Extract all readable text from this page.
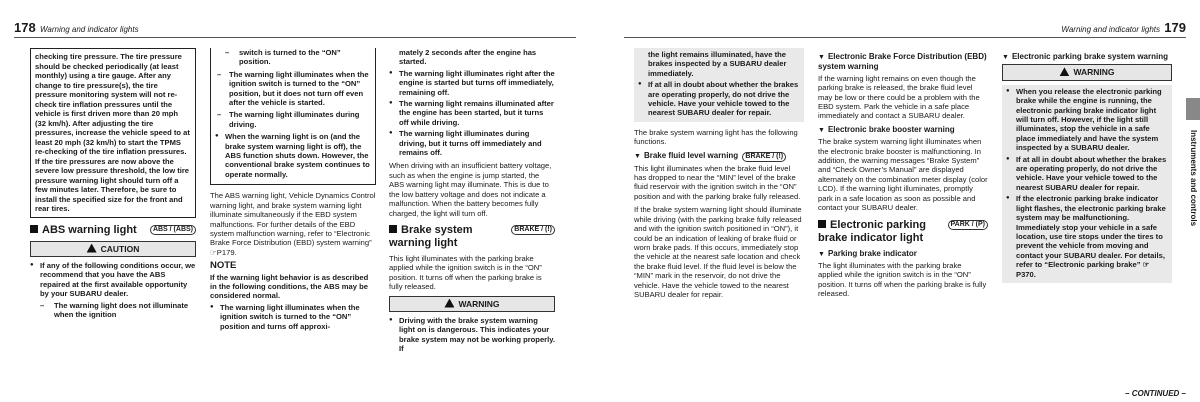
178 Warning and indicator lights
checking tire pressure. The tire pressure should be checked periodically (at least monthly) using a tire gauge. After any change to tire pressure(s), the tire pressure monitoring system will not re-check tire inflation pressures until the vehicle is first driven more than 20 mph (32 km/h). After adjusting the tire pressures, increase the vehicle speed to at least 20 mph (32 km/h) to start the TPMS re-checking of the tire inflation pressures. If the tire pressures are now above the severe low pressure threshold, the low tire pressure warning light should turn off a few minutes later. Therefore, be sure to install the specified size for the front and rear tires.
ABS warning light	ABS / (ABS)
CAUTION
● If any of the following conditions occur, we recommend that you have the ABS repaired at the first available opportunity by your SUBARU dealer.
– The warning light does not illuminate when the ignition
– switch is turned to the “ON” position.
– The warning light illuminates when the ignition switch is turned to the “ON” position, but it does not turn off even after the vehicle is started.
– The warning light illuminates during driving.
● When the warning light is on (and the brake system warning light is off), the ABS function shuts down. However, the conventional brake system continues to operate normally.

The ABS warning light, Vehicle Dynamics Control warning light, and brake system warning light illuminate simultaneously if the EBD system malfunctions. For further details of the EBD system malfunction warning, refer to “Electronic Brake Force Distribution (EBD) system warning” ☞P179.

NOTE

If the warning light behavior is as described in the following conditions, the ABS may be considered normal.

● The warning light illuminates when the ignition switch is turned to the “ON” position and turns off approxi-

mately 2 seconds after the engine has started.

● The warning light illuminates right after the engine is started but turns off immediately, remaining off.
● The warning light remains illuminated after the engine has been started, but it turns off while driving.
● The warning light illuminates during driving, but it turns off immediately and remains off.

When driving with an insufficient battery voltage, such as when the engine is jump started, the ABS warning light may illuminate. This is due to the low battery voltage and does not indicate a malfunction. When the battery becomes fully charged, the light will turn off.

Brake system warning light
BRAKE / (!)

This light illuminates with the parking brake applied while the ignition switch is in the “ON” position. It turns off when the parking brake is fully released.

WARNING
● Driving with the brake system warning light on is dangerous. This indicates your brake system may not be working properly. If
Warning and indicator lights 179

the light remains illuminated, have the brakes inspected by a SUBARU dealer immediately.

● If at all in doubt about whether the brakes are operating properly, do not drive the vehicle. Have your vehicle towed to the nearest SUBARU dealer for repair.

The brake system warning light has the following functions.

▼ Brake fluid level warning BRAKE / (!)

This light illuminates when the brake fluid level has dropped to near the “MIN” level of the brake fluid reservoir with the ignition switch in the “ON” position and with the parking brake fully released.

If the brake system warning light should illuminate while driving (with the parking brake fully released and with the ignition switch positioned in “ON”), it could be an indication of leaking of brake fluid or worn brake pads. If this occurs, immediately stop the vehicle at the nearest safe location and check the brake fluid level. If the fluid level is below the “MIN” mark in the reservoir, do not drive the vehicle. Have the vehicle towed to the nearest SUBARU dealer for repair.

▼ Electronic Brake Force Distribution (EBD) system warning

If the warning light remains on even though the parking brake is released, the brake fluid level may be low or there could be a problem with the EBD system. Park the vehicle in a safe place immediately and contact a SUBARU dealer.

▼ Electronic brake booster warning

The brake system warning light illuminates when the electronic brake booster is malfunctioning. In addition, the warning messages “Brake System” and “Check Owner’s Manual” are displayed alternately on the combination meter display (color LCD). If the warning light illuminates, promptly park in a safe location as soon as possible and contact your SUBARU dealer.

Electronic parking brake indicator light
PARK / (P)
▼ Parking brake indicator

The light illuminates with the parking brake applied while the ignition switch is in the “ON” position. It turns off when the parking brake is fully released.

▼ Electronic parking brake system warning
WARNING
● When you release the electronic parking brake while the engine is running, the electronic parking brake indicator light will turn off. However, if the light still illuminates, stop the vehicle in a safe place immediately and have the system inspected by a SUBARU dealer.
● If at all in doubt about whether the brakes are operating properly, do not drive the vehicle. Have your vehicle towed to the nearest SUBARU dealer for repair.
● If the electronic parking brake indicator light flashes, the electronic parking brake system may be malfunctioning. Immediately stop your vehicle in a safe location, use tire stops under the tires to prevent the vehicle from moving and contact your SUBARU dealer. For details, refer to “Electronic parking brake” ☞P370.
Instruments and controls
– CONTINUED –
